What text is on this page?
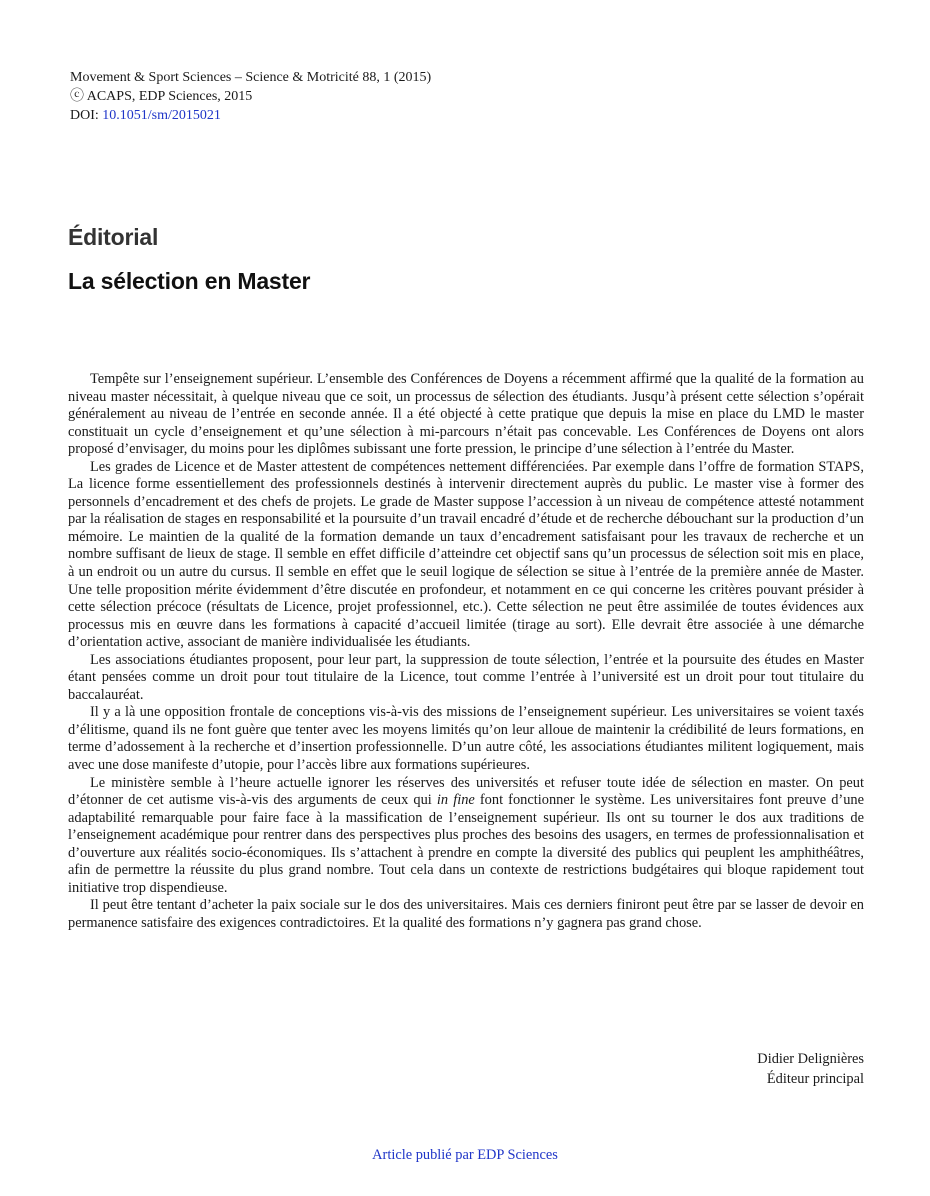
Movement & Sport Sciences – Science & Motricité 88, 1 (2015)
ⓒ ACAPS, EDP Sciences, 2015
DOI: 10.1051/sm/2015021
Éditorial
La sélection en Master

Tempête sur l’enseignement supérieur. L’ensemble des Conférences de Doyens a récemment affirmé que la qualité de la formation au niveau master nécessitait, à quelque niveau que ce soit, un processus de sélection des étudiants. Jusqu’à présent cette sélection s’opérait généralement au niveau de l’entrée en seconde année. Il a été objecté à cette pratique que depuis la mise en place du LMD le master constituait un cycle d’enseignement et qu’une sélection à mi-parcours n’était pas concevable. Les Conférences de Doyens ont alors proposé d’envisager, du moins pour les diplômes subissant une forte pression, le principe d’une sélection à l’entrée du Master.

Les grades de Licence et de Master attestent de compétences nettement différenciées. Par exemple dans l’offre de formation STAPS, La licence forme essentiellement des professionnels destinés à intervenir directement auprès du public. Le master vise à former des personnels d’encadrement et des chefs de projets. Le grade de Master suppose l’accession à un niveau de compétence attesté notamment par la réalisation de stages en responsabilité et la poursuite d’un travail encadré d’étude et de recherche débouchant sur la production d’un mémoire. Le maintien de la qualité de la formation demande un taux d’encadrement satisfaisant pour les travaux de recherche et un nombre suffisant de lieux de stage. Il semble en effet difficile d’atteindre cet objectif sans qu’un processus de sélection soit mis en place, à un endroit ou un autre du cursus. Il semble en effet que le seuil logique de sélection se situe à l’entrée de la première année de Master. Une telle proposition mérite évidemment d’être discutée en profondeur, et notamment en ce qui concerne les critères pouvant présider à cette sélection précoce (résultats de Licence, projet professionnel, etc.). Cette sélection ne peut être assimilée de toutes évidences aux processus mis en œuvre dans les formations à capacité d’accueil limitée (tirage au sort). Elle devrait être associée à une démarche d’orientation active, associant de manière individualisée les étudiants.

Les associations étudiantes proposent, pour leur part, la suppression de toute sélection, l’entrée et la poursuite des études en Master étant pensées comme un droit pour tout titulaire de la Licence, tout comme l’entrée à l’université est un droit pour tout titulaire du baccalauréat.

Il y a là une opposition frontale de conceptions vis-à-vis des missions de l’enseignement supérieur. Les universitaires se voient taxés d’élitisme, quand ils ne font guère que tenter avec les moyens limités qu’on leur alloue de maintenir la crédibilité de leurs formations, en terme d’adossement à la recherche et d’insertion professionnelle. D’un autre côté, les associations étudiantes militent logiquement, mais avec une dose manifeste d’utopie, pour l’accès libre aux formations supérieures.

Le ministère semble à l’heure actuelle ignorer les réserves des universités et refuser toute idée de sélection en master. On peut d’étonner de cet autisme vis-à-vis des arguments de ceux qui in fine font fonctionner le système. Les universitaires font preuve d’une adaptabilité remarquable pour faire face à la massification de l’enseignement supérieur. Ils ont su tourner le dos aux traditions de l’enseignement académique pour rentrer dans des perspectives plus proches des besoins des usagers, en termes de professionnalisation et d’ouverture aux réalités socio-économiques. Ils s’attachent à prendre en compte la diversité des publics qui peuplent les amphithéâtres, afin de permettre la réussite du plus grand nombre. Tout cela dans un contexte de restrictions budgétaires qui bloque rapidement tout initiative trop dispendieuse.

Il peut être tentant d’acheter la paix sociale sur le dos des universitaires. Mais ces derniers finiront peut être par se lasser de devoir en permanence satisfaire des exigences contradictoires. Et la qualité des formations n’y gagnera pas grand chose.

Didier Delignières
Éditeur principal
Article publié par EDP Sciences
